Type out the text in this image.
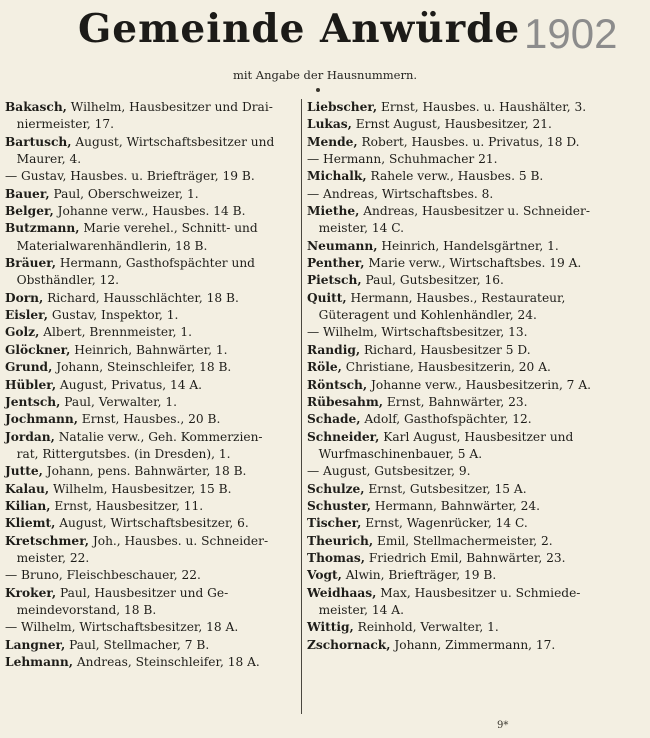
Gemeinde Anwürde 1902
mit Angabe der Hausnummern.
Bakasch, Wilhelm, Hausbesitzer und Drai-
niermeister, 17.
Bartusch, August, Wirtschaftsbesitzer und
Maurer, 4.
— Gustav, Hausbes. u. Briefträger, 19 B.
Bauer, Paul, Oberschweizer, 1.
Belger, Johanne verw., Hausbes. 14 B.
Butzmann, Marie verehel., Schnitt- und
Materialwarenhändlerin, 18 B.
Bräuer, Hermann, Gasthofspächter und
Obsthändler, 12.
Dorn, Richard, Hausschlächter, 18 B.
Eisler, Gustav, Inspektor, 1.
Golz, Albert, Brennmeister, 1.
Glöckner, Heinrich, Bahnwärter, 1.
Grund, Johann, Steinschleifer, 18 B.
Hübler, August, Privatus, 14 A.
Jentsch, Paul, Verwalter, 1.
Jochmann, Ernst, Hausbes., 20 B.
Jordan, Natalie verw., Geh. Kommerzien-
rat, Rittergutsbes. (in Dresden), 1.
Jutte, Johann, pens. Bahnwärter, 18 B.
Kalau, Wilhelm, Hausbesitzer, 15 B.
Kilian, Ernst, Hausbesitzer, 11.
Kliemt, August, Wirtschaftsbesitzer, 6.
Kretschmer, Joh., Hausbes. u. Schneider-
meister, 22.
— Bruno, Fleischbeschauer, 22.
Kroker, Paul, Hausbesitzer und Ge-
meindevorstand, 18 B.
— Wilhelm, Wirtschaftsbesitzer, 18 A.
Langner, Paul, Stellmacher, 7 B.
Lehmann, Andreas, Steinschleifer, 18 A.
Liebscher, Ernst, Hausbes. u. Haushälter, 3.
Lukas, Ernst August, Hausbesitzer, 21.
Mende, Robert, Hausbes. u. Privatus, 18 D.
— Hermann, Schuhmacher 21.
Michalk, Rahele verw., Hausbes. 5 B.
— Andreas, Wirtschaftsbes. 8.
Miethe, Andreas, Hausbesitzer u. Schneider-
meister, 14 C.
Neumann, Heinrich, Handelsgärtner, 1.
Penther, Marie verw., Wirtschaftsbes. 19 A.
Pietsch, Paul, Gutsbesitzer, 16.
Quitt, Hermann, Hausbes., Restaurateur,
Güteragent und Kohlenhändler, 24.
— Wilhelm, Wirtschaftsbesitzer, 13.
Randig, Richard, Hausbesitzer 5 D.
Röle, Christiane, Hausbesitzerin, 20 A.
Röntsch, Johanne verw., Hausbesitzerin, 7 A.
Rübesahm, Ernst, Bahnwärter, 23.
Schade, Adolf, Gasthofspächter, 12.
Schneider, Karl August, Hausbesitzer und
Wurfmaschinenbauer, 5 A.
— August, Gutsbesitzer, 9.
Schulze, Ernst, Gutsbesitzer, 15 A.
Schuster, Hermann, Bahnwärter, 24.
Tischer, Ernst, Wagenrücker, 14 C.
Theurich, Emil, Stellmachermeister, 2.
Thomas, Friedrich Emil, Bahnwärter, 23.
Vogt, Alwin, Briefträger, 19 B.
Weidhaas, Max, Hausbesitzer u. Schmiede-
meister, 14 A.
Wittig, Reinhold, Verwalter, 1.
Zschornack, Johann, Zimmermann, 17.
9*
